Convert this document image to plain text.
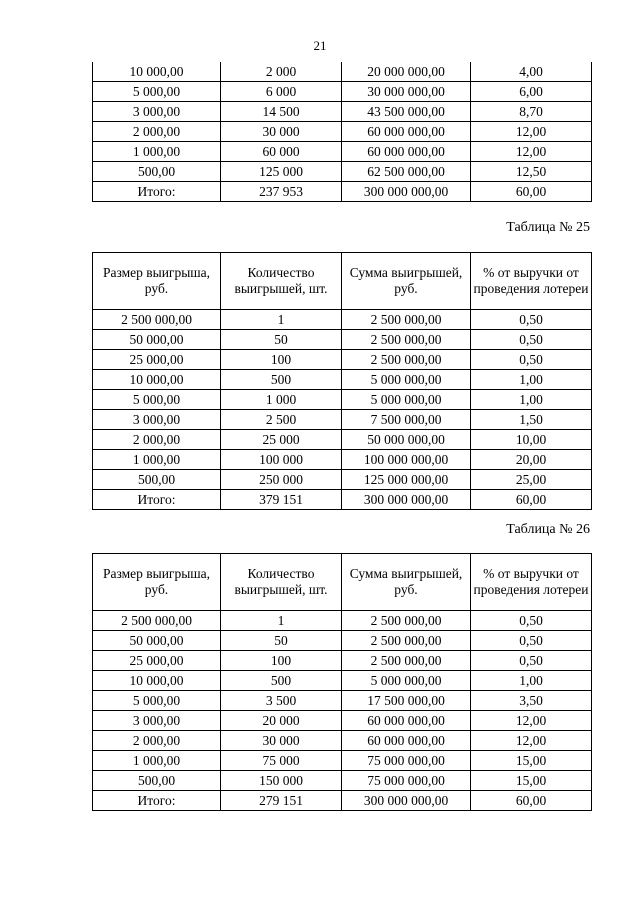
21
10 000,00	2 000	20 000 000,00	4,00
5 000,00	6 000	30 000 000,00	6,00
3 000,00	14 500	43 500 000,00	8,70
2 000,00	30 000	60 000 000,00	12,00
1 000,00	60 000	60 000 000,00	12,00
500,00	125 000	62 500 000,00	12,50
Итого:	237 953	300 000 000,00	60,00
Таблица № 25
Размер выигрыша, руб.	Количество выигрышей, шт.	Сумма выигрышей, руб.	% от выручки от проведения лотереи
2 500 000,00	1	2 500 000,00	0,50
50 000,00	50	2 500 000,00	0,50
25 000,00	100	2 500 000,00	0,50
10 000,00	500	5 000 000,00	1,00
5 000,00	1 000	5 000 000,00	1,00
3 000,00	2 500	7 500 000,00	1,50
2 000,00	25 000	50 000 000,00	10,00
1 000,00	100 000	100 000 000,00	20,00
500,00	250 000	125 000 000,00	25,00
Итого:	379 151	300 000 000,00	60,00
Таблица № 26
Размер выигрыша, руб.	Количество выигрышей, шт.	Сумма выигрышей, руб.	% от выручки от проведения лотереи
2 500 000,00	1	2 500 000,00	0,50
50 000,00	50	2 500 000,00	0,50
25 000,00	100	2 500 000,00	0,50
10 000,00	500	5 000 000,00	1,00
5 000,00	3 500	17 500 000,00	3,50
3 000,00	20 000	60 000 000,00	12,00
2 000,00	30 000	60 000 000,00	12,00
1 000,00	75 000	75 000 000,00	15,00
500,00	150 000	75 000 000,00	15,00
Итого:	279 151	300 000 000,00	60,00
